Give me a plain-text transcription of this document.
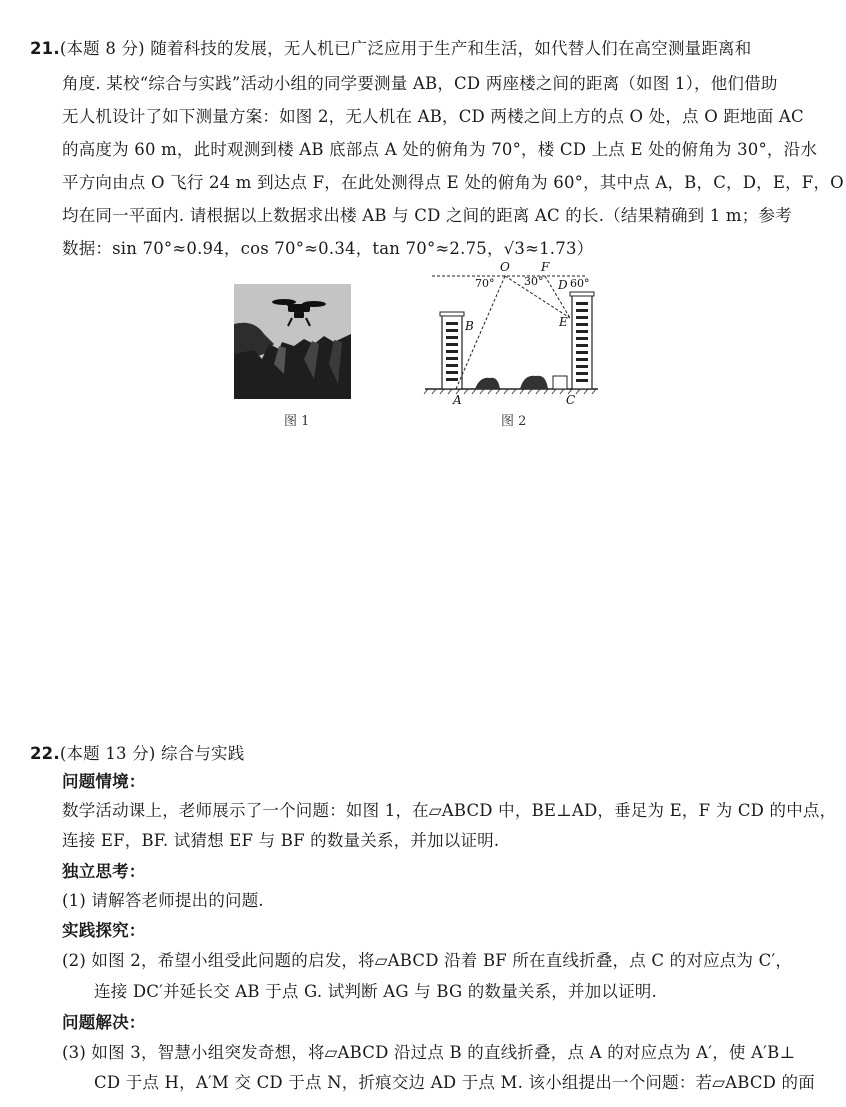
21.(本题 8 分) 随着科技的发展，无人机已广泛应用于生产和生活，如代替人们在高空测量距离和
角度. 某校“综合与实践”活动小组的同学要测量 AB，CD 两座楼之间的距离（如图 1），他们借助
无人机设计了如下测量方案：如图 2，无人机在 AB，CD 两楼之间上方的点 O 处，点 O 距地面 AC
的高度为 60 m，此时观测到楼 AB 底部点 A 处的俯角为 70°，楼 CD 上点 E 处的俯角为 30°，沿水
平方向由点 O 飞行 24 m 到达点 F，在此处测得点 E 处的俯角为 60°，其中点 A，B，C，D，E，F，O
均在同一平面内. 请根据以上数据求出楼 AB 与 CD 之间的距离 AC 的长.（结果精确到 1 m；参考
数据：sin 70°≈0.94，cos 70°≈0.34，tan 70°≈2.75，√3≈1.73）
图 1
O	F
D
B	E
A	C
70°	30° 60°
图 2
22.(本题 13 分) 综合与实践
问题情境：
数学活动课上，老师展示了一个问题：如图 1，在▱ABCD 中，BE⊥AD，垂足为 E，F 为 CD 的中点，
连接 EF，BF. 试猜想 EF 与 BF 的数量关系，并加以证明.
独立思考：
(1) 请解答老师提出的问题.
实践探究：
(2) 如图 2，希望小组受此问题的启发，将▱ABCD 沿着 BF 所在直线折叠，点 C 的对应点为 C′，
连接 DC′并延长交 AB 于点 G. 试判断 AG 与 BG 的数量关系，并加以证明.
问题解决：
(3) 如图 3，智慧小组突发奇想，将▱ABCD 沿过点 B 的直线折叠，点 A 的对应点为 A′，使 A′B⊥
CD 于点 H，A′M 交 CD 于点 N，折痕交边 AD 于点 M. 该小组提出一个问题：若▱ABCD 的面
